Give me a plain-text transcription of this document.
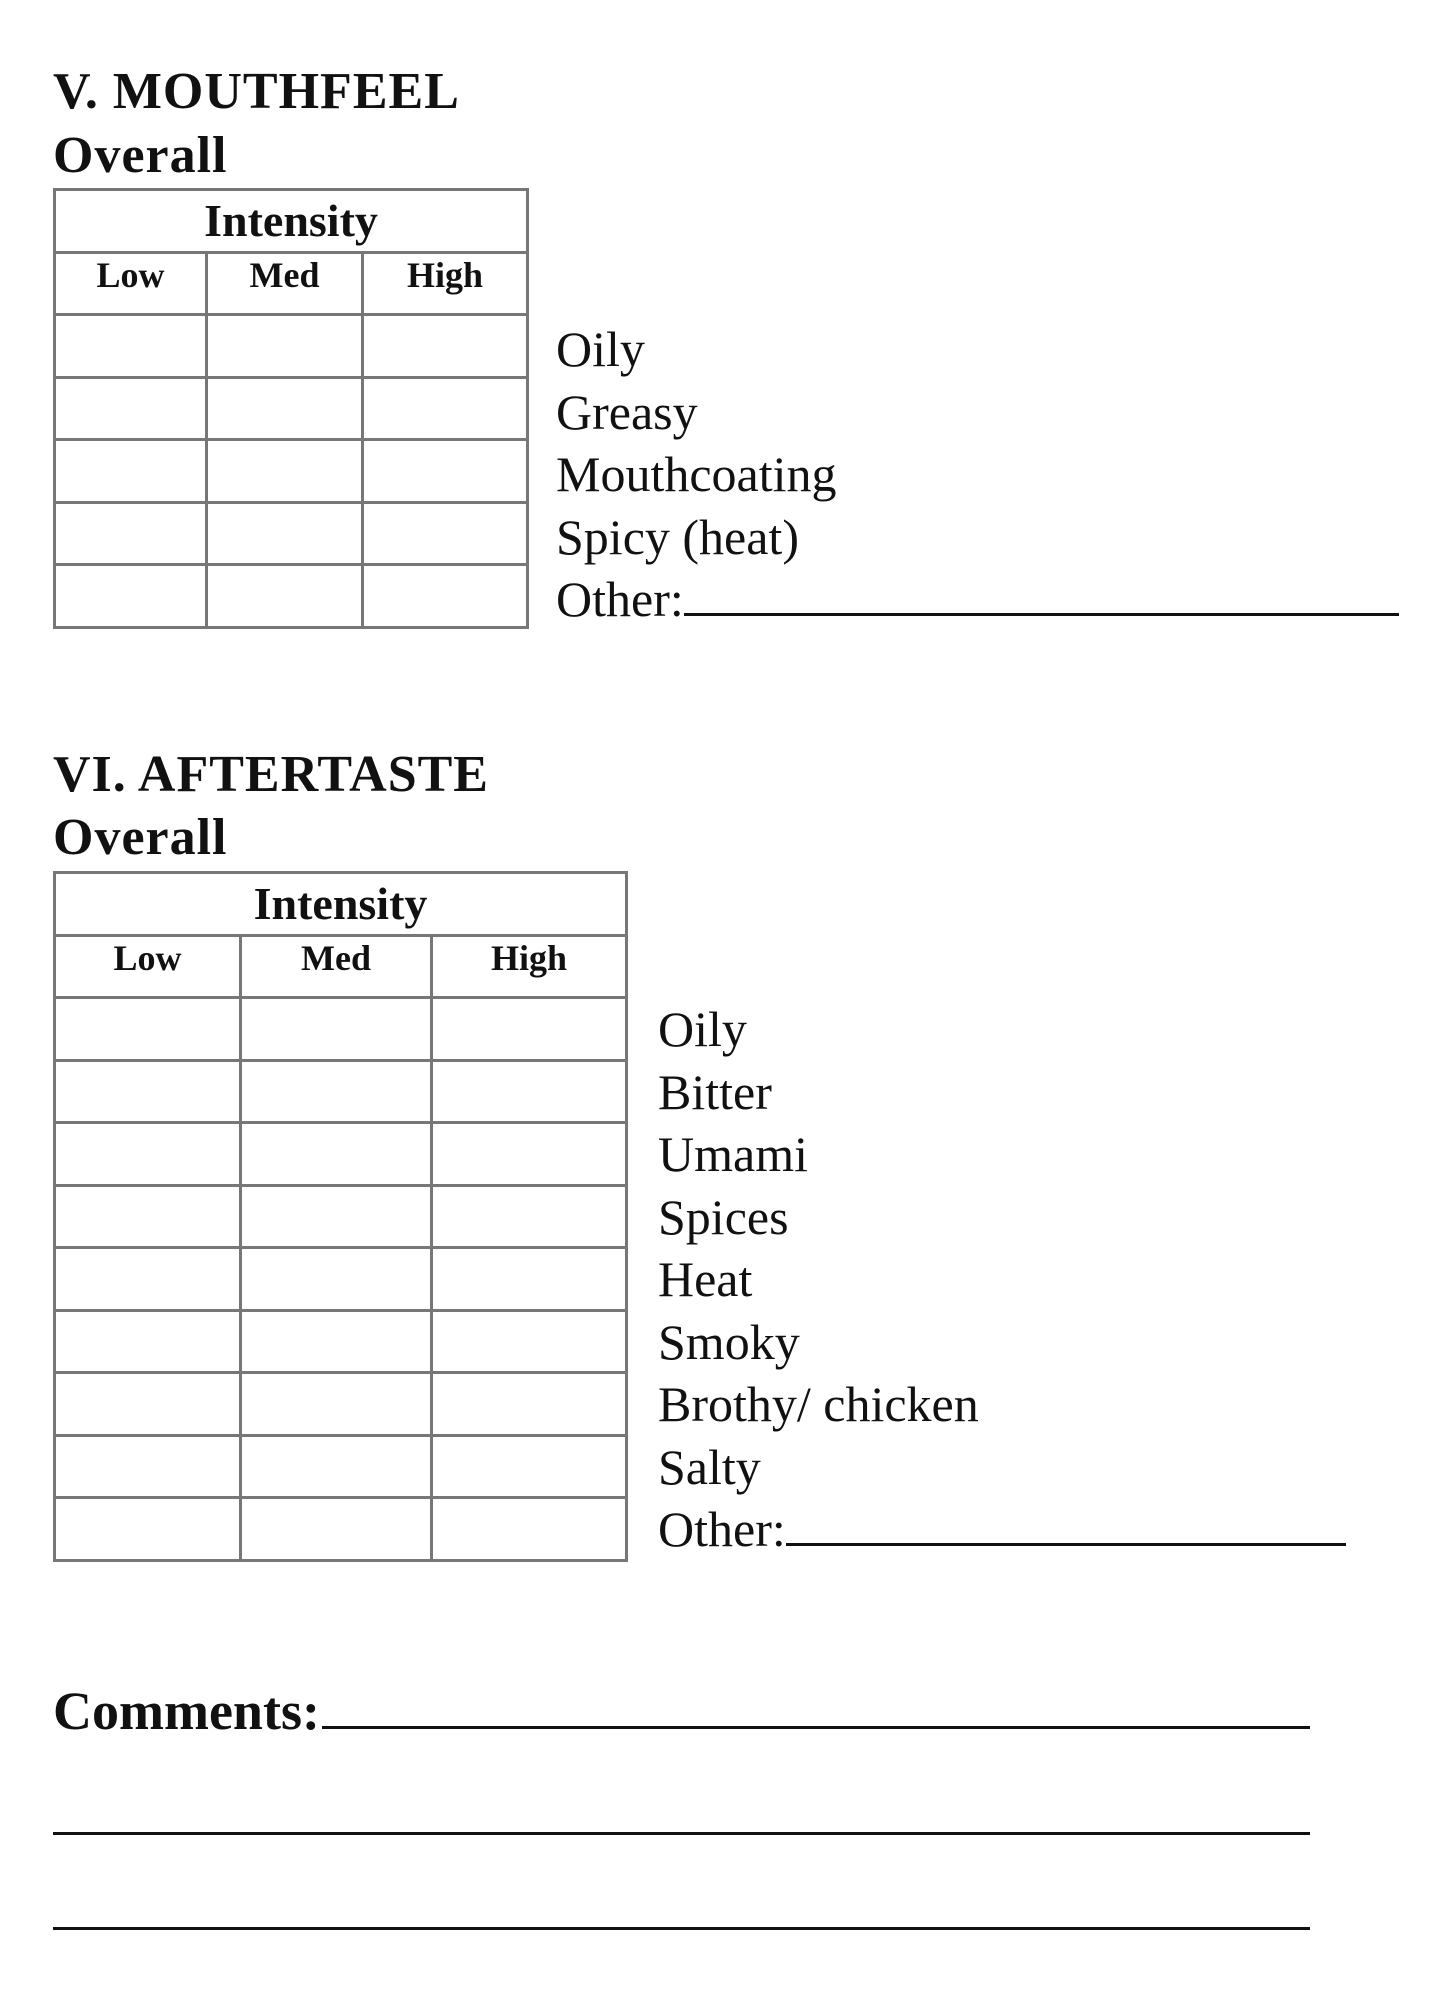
V. MOUTHFEEL
Overall
Intensity		
Low	Med	High

Oily
Greasy
Mouthcoating
Spicy (heat)
Other:
VI. AFTERTASTE
Overall
Intensity		
Low	Med	High

Oily
Bitter
Umami
Spices
Heat
Smoky
Brothy/ chicken
Salty
Other:
Comments:
